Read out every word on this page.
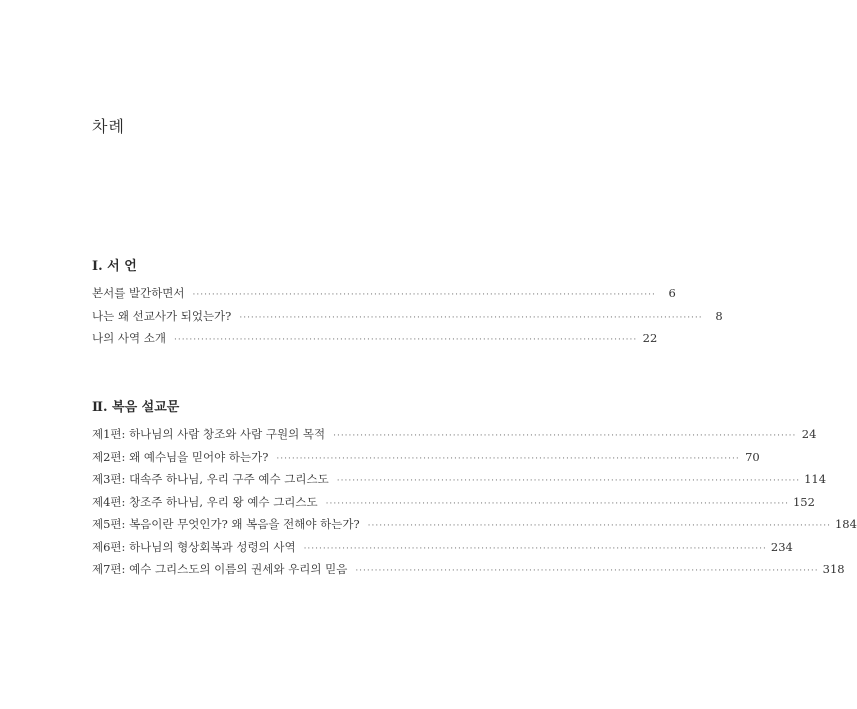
차례
Ⅰ. 서 언
본서를 발간하면서 ························································································································	6
나는 왜 선교사가 되었는가? ························································································································	8
나의 사역 소개 ························································································································ 22
Ⅱ. 복음 설교문
제1편: 하나님의 사람 창조와 사람 구원의 목적 ························································································································ 24
제2편: 왜 예수님을 믿어야 하는가? ························································································································ 70
제3편: 대속주 하나님, 우리 구주 예수 그리스도 ························································································································ 114
제4편: 창조주 하나님, 우리 왕 예수 그리스도 ························································································································ 152
제5편: 복음이란 무엇인가? 왜 복음을 전해야 하는가? ························································································································ 184
제6편: 하나님의 형상회복과 성령의 사역 ························································································································ 234
제7편: 예수 그리스도의 이름의 권세와 우리의 믿음 ························································································································ 318
